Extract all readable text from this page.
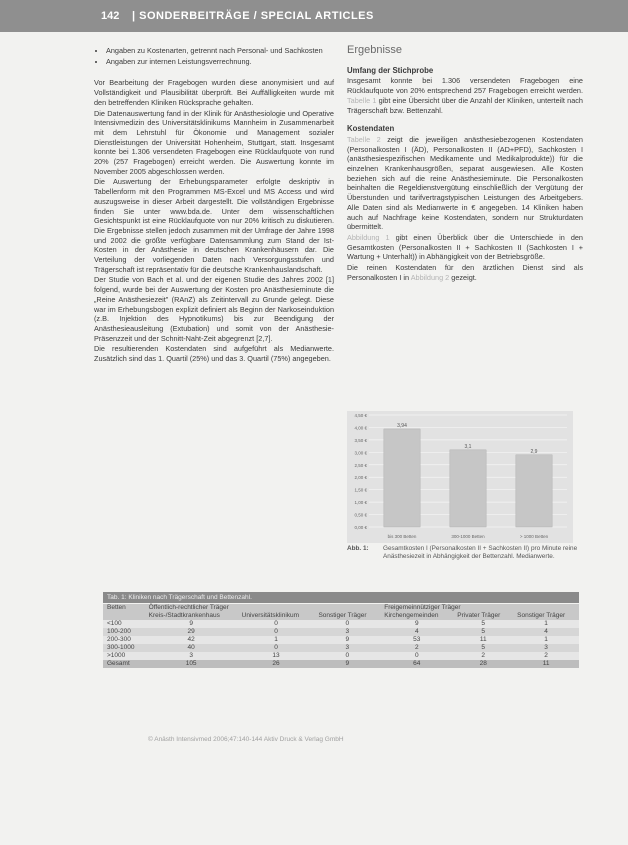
142 | SONDERBEITRÄGE / SPECIAL ARTICLES
• Angaben zu Kostenarten, getrennt nach Personal- und Sachkosten
• Angaben zur internen Leistungsverrechnung.

Vor Bearbeitung der Fragebogen wurden diese anonymisiert und auf Vollständigkeit und Plausibilität überprüft. Bei Auffälligkeiten wurde mit den betreffenden Kliniken Rücksprache gehalten.

Die Datenauswertung fand in der Klinik für Anästhesiologie und Operative Intensivmedizin des Universitätsklinikums Mannheim in Zusammenarbeit mit dem Lehrstuhl für Ökonomie und Management sozialer Dienstleistungen der Universität Hohenheim, Stuttgart, statt. Insgesamt konnte bei 1.306 versendeten Fragebogen eine Rücklaufquote von rund 20% (257 Fragebogen) erreicht werden. Die Auswertung konnte im November 2005 abgeschlossen werden.

Die Auswertung der Erhebungsparameter erfolgte deskriptiv in Tabellenform mit den Programmen MS-Excel und MS Access und wird auszugsweise in dieser Arbeit dargestellt. Die vollständigen Ergebnisse finden Sie unter www.bda.de. Unter dem wissenschaftlichen Gesichtspunkt ist eine Rücklaufquote von nur 20% kritisch zu diskutieren. Die Ergebnisse stellen jedoch zusammen mit der Umfrage der Jahre 1998 und 2002 die größte verfügbare Datensammlung zum Stand der Ist-Kosten in der Anästhesie in deutschen Krankenhäusern dar. Die Verteilung der vorliegenden Daten nach Versorgungsstufen und Trägerschaft ist repräsentativ für die deutsche Krankenhauslandschaft.

Der Studie von Bach et al. und der eigenen Studie des Jahres 2002 [1] folgend, wurde bei der Auswertung der Kosten pro Anästhesieminute die „Reine Anästhesiezeit" (RAnZ) als Zeitintervall zu Grunde gelegt. Diese war im Erhebungsbogen explizit definiert als Beginn der Narkoseinduktion (z.B. Injektion des Hypnotikums) bis zur Beendigung der Anästhesieausleitung (Extubation) und somit von der Anästhesie-Präsenzzeit und der Schnitt-Naht-Zeit abgegrenzt [2,7].

Die resultierenden Kostendaten sind aufgeführt als Medianwerte. Zusätzlich sind das 1. Quartil (25%) und das 3. Quartil (75%) angegeben.

Ergebnisse
Umfang der Stichprobe

Insgesamt konnte bei 1.306 versendeten Fragebogen eine Rücklaufquote von 20% entsprechend 257 Fragebogen erreicht werden. Tabelle 1 gibt eine Übersicht über die Anzahl der Kliniken, unterteilt nach Trägerschaft bzw. Bettenzahl.

Kostendaten

Tabelle 2 zeigt die jeweiligen anästhesiebezogenen Kostendaten (Personalkosten I (ÄD), Personalkosten II (AD+PFD), Sachkosten I (anästhesiespezifischen Medikamente und Medikalprodukte)) für die einzelnen Krankenhausgrößen, separat ausgewiesen. Alle Kosten beziehen sich auf die reine Anästhesieminute. Die Personalkosten beinhalten die Regeldienstvergütung einschließlich der Vergütung der Überstunden und tarifvertragstypischen Leistungen des Arbeitgebers. Alle Daten sind als Medianwerte in € angegeben. 14 Kliniken haben auch auf Nachfrage keine Kostendaten, sondern nur Strukturdaten übermittelt.

Abbildung 1 gibt einen Überblick über die Unterschiede in den Gesamtkosten (Personalkosten II + Sachkosten II (Sachkosten I + Wartung + Unterhalt)) in Abhängigkeit von der Betriebsgröße.

Die reinen Kostendaten für den ärztlichen Dienst sind als Personalkosten I in Abbildung 2 gezeigt.

0,00 €
0,50 €
1,00 €
1,50 €
2,00 €
2,50 €
3,00 €
3,50 €
4,00 €
4,50 €
3,94
bis 300 Betten
3,1
300-1000 Betten
2,9
> 1000 Betten
Abb. 1: Gesamtkosten I (Personalkosten II + Sachkosten II) pro Minute reine Anästhesiezeit in Abhängigkeit der Bettenzahl. Medianwerte.
Tab. 1: Kliniken nach Trägerschaft und Bettenzahl.
Betten	Öffentlich-rechtlicher Träger			Freigemeinnütziger Träger		
	Kreis-/Stadtkrankenhaus	Universitätsklinikum	Sonstiger Träger	Kirchengemeinden	Privater Träger	Sonstiger Träger
<100	9	0	0	9	5	1
100-200	29	0	3	4	5	4
200-300	42	1	9	53	11	1
300-1000	40	0	3	2	5	3
>1000	3	13	0	0	2	2
Gesamt	105	26	9	64	28	11
© Anästh Intensivmed 2006;47:140-144 Aktiv Druck & Verlag GmbH
